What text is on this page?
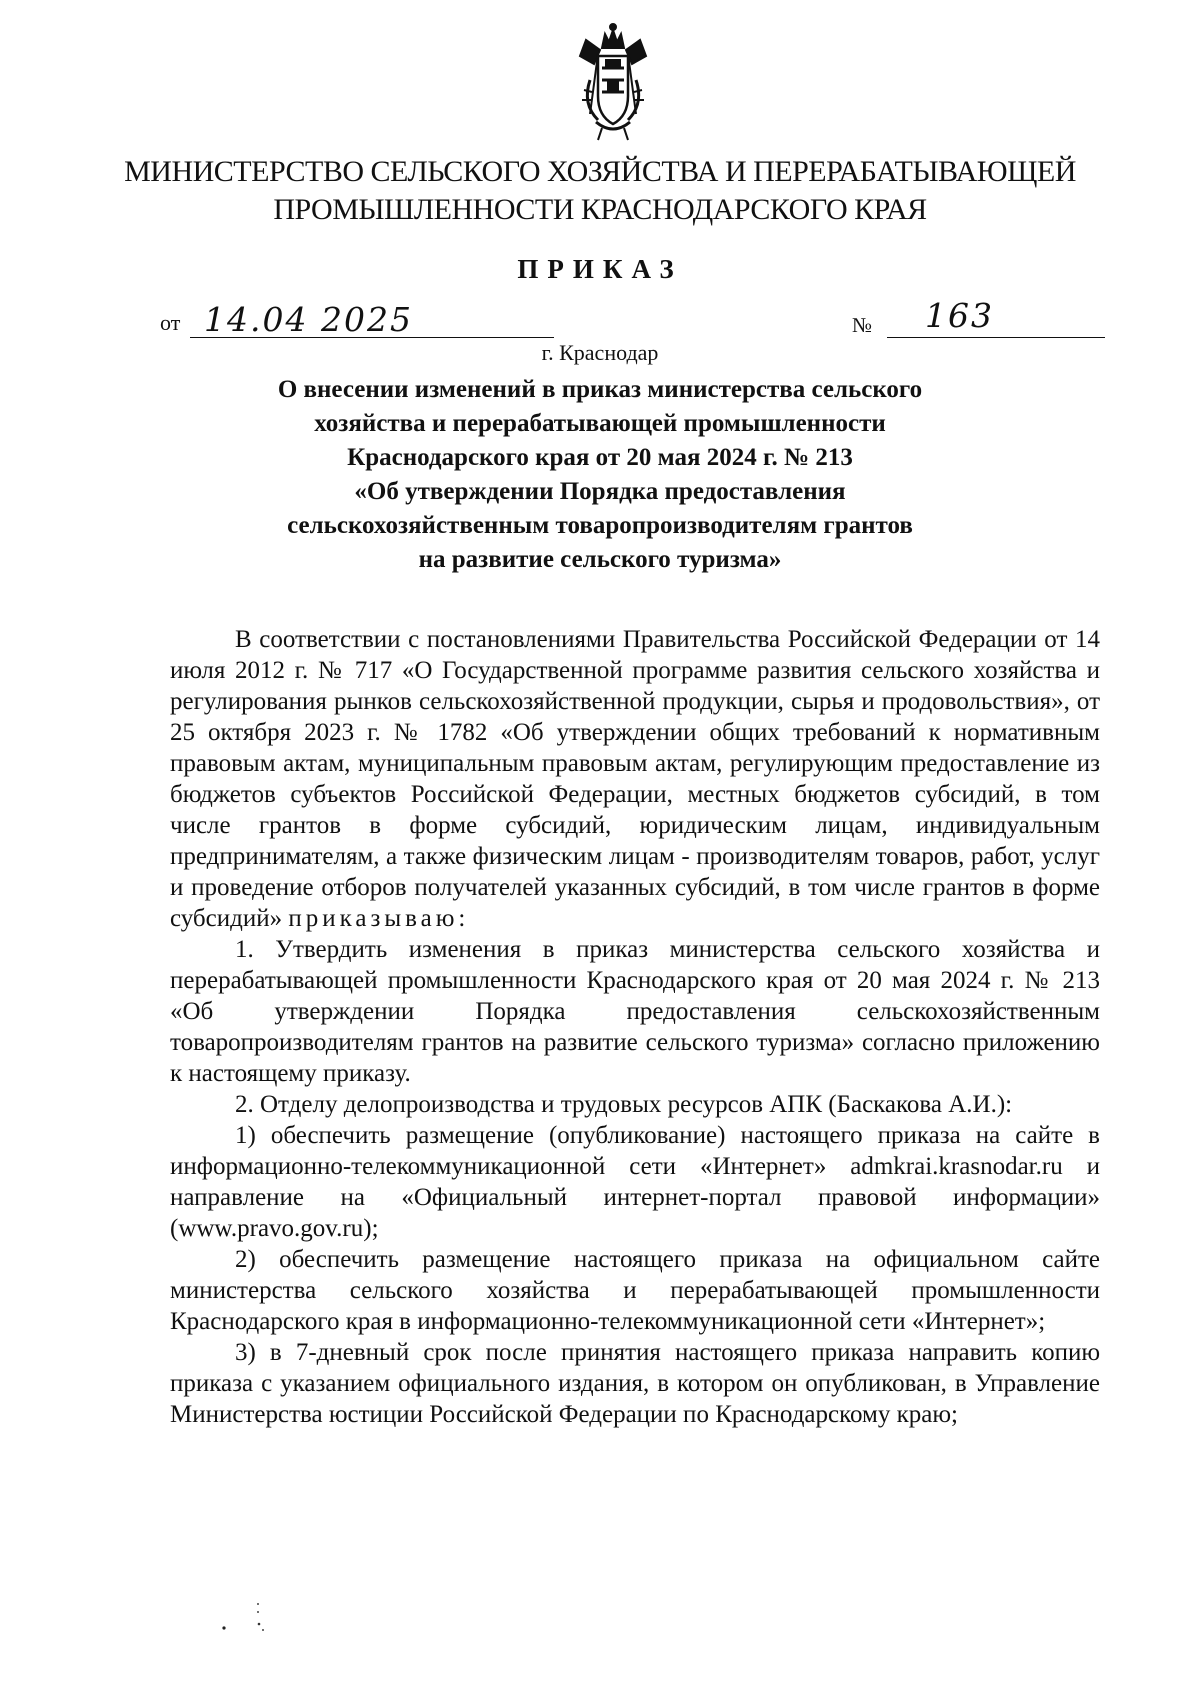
МИНИСТЕРСТВО СЕЛЬСКОГО ХОЗЯЙСТВА И ПЕРЕРАБАТЫВАЮЩЕЙ
ПРОМЫШЛЕННОСТИ КРАСНОДАРСКОГО КРАЯ
ПРИКАЗ
от 14.04 2025	№ 163
г. Краснодар
О внесении изменений в приказ министерства сельского
хозяйства и перерабатывающей промышленности
Краснодарского края от 20 мая 2024 г. № 213
«Об утверждении Порядка предоставления
сельскохозяйственным товаропроизводителям грантов
на развитие сельского туризма»

В соответствии с постановлениями Правительства Российской Федерации от 14 июля 2012 г. № 717 «О Государственной программе развития сельского хозяйства и регулирования рынков сельскохозяйственной продукции, сырья и продовольствия», от 25 октября 2023 г. № 1782 «Об утверждении общих требований к нормативным правовым актам, муниципальным правовым актам, регулирующим предоставление из бюджетов субъектов Российской Федерации, местных бюджетов субсидий, в том числе грантов в форме субсидий, юридическим лицам, индивидуальным предпринимателям, а также физическим лицам - производителям товаров, работ, услуг и проведение отборов получателей указанных субсидий, в том числе грантов в форме субсидий» приказываю:

1. Утвердить изменения в приказ министерства сельского хозяйства и перерабатывающей промышленности Краснодарского края от 20 мая 2024 г. № 213 «Об утверждении Порядка предоставления сельскохозяйственным товаропроизводителям грантов на развитие сельского туризма» согласно приложению к настоящему приказу.

2. Отделу делопроизводства и трудовых ресурсов АПК (Баскакова А.И.):

1) обеспечить размещение (опубликование) настоящего приказа на сайте в информационно-телекоммуникационной сети «Интернет» admkrai.krasnodar.ru и направление на «Официальный интернет-портал правовой информации» (www.pravo.gov.ru);

2) обеспечить размещение настоящего приказа на официальном сайте министерства сельского хозяйства и перерабатывающей промышленности Краснодарского края в информационно-телекоммуникационной сети «Интернет»;

3) в 7-дневный срок после принятия настоящего приказа направить копию приказа с указанием официального издания, в котором он опубликован, в Управление Министерства юстиции Российской Федерации по Краснодарскому краю;
